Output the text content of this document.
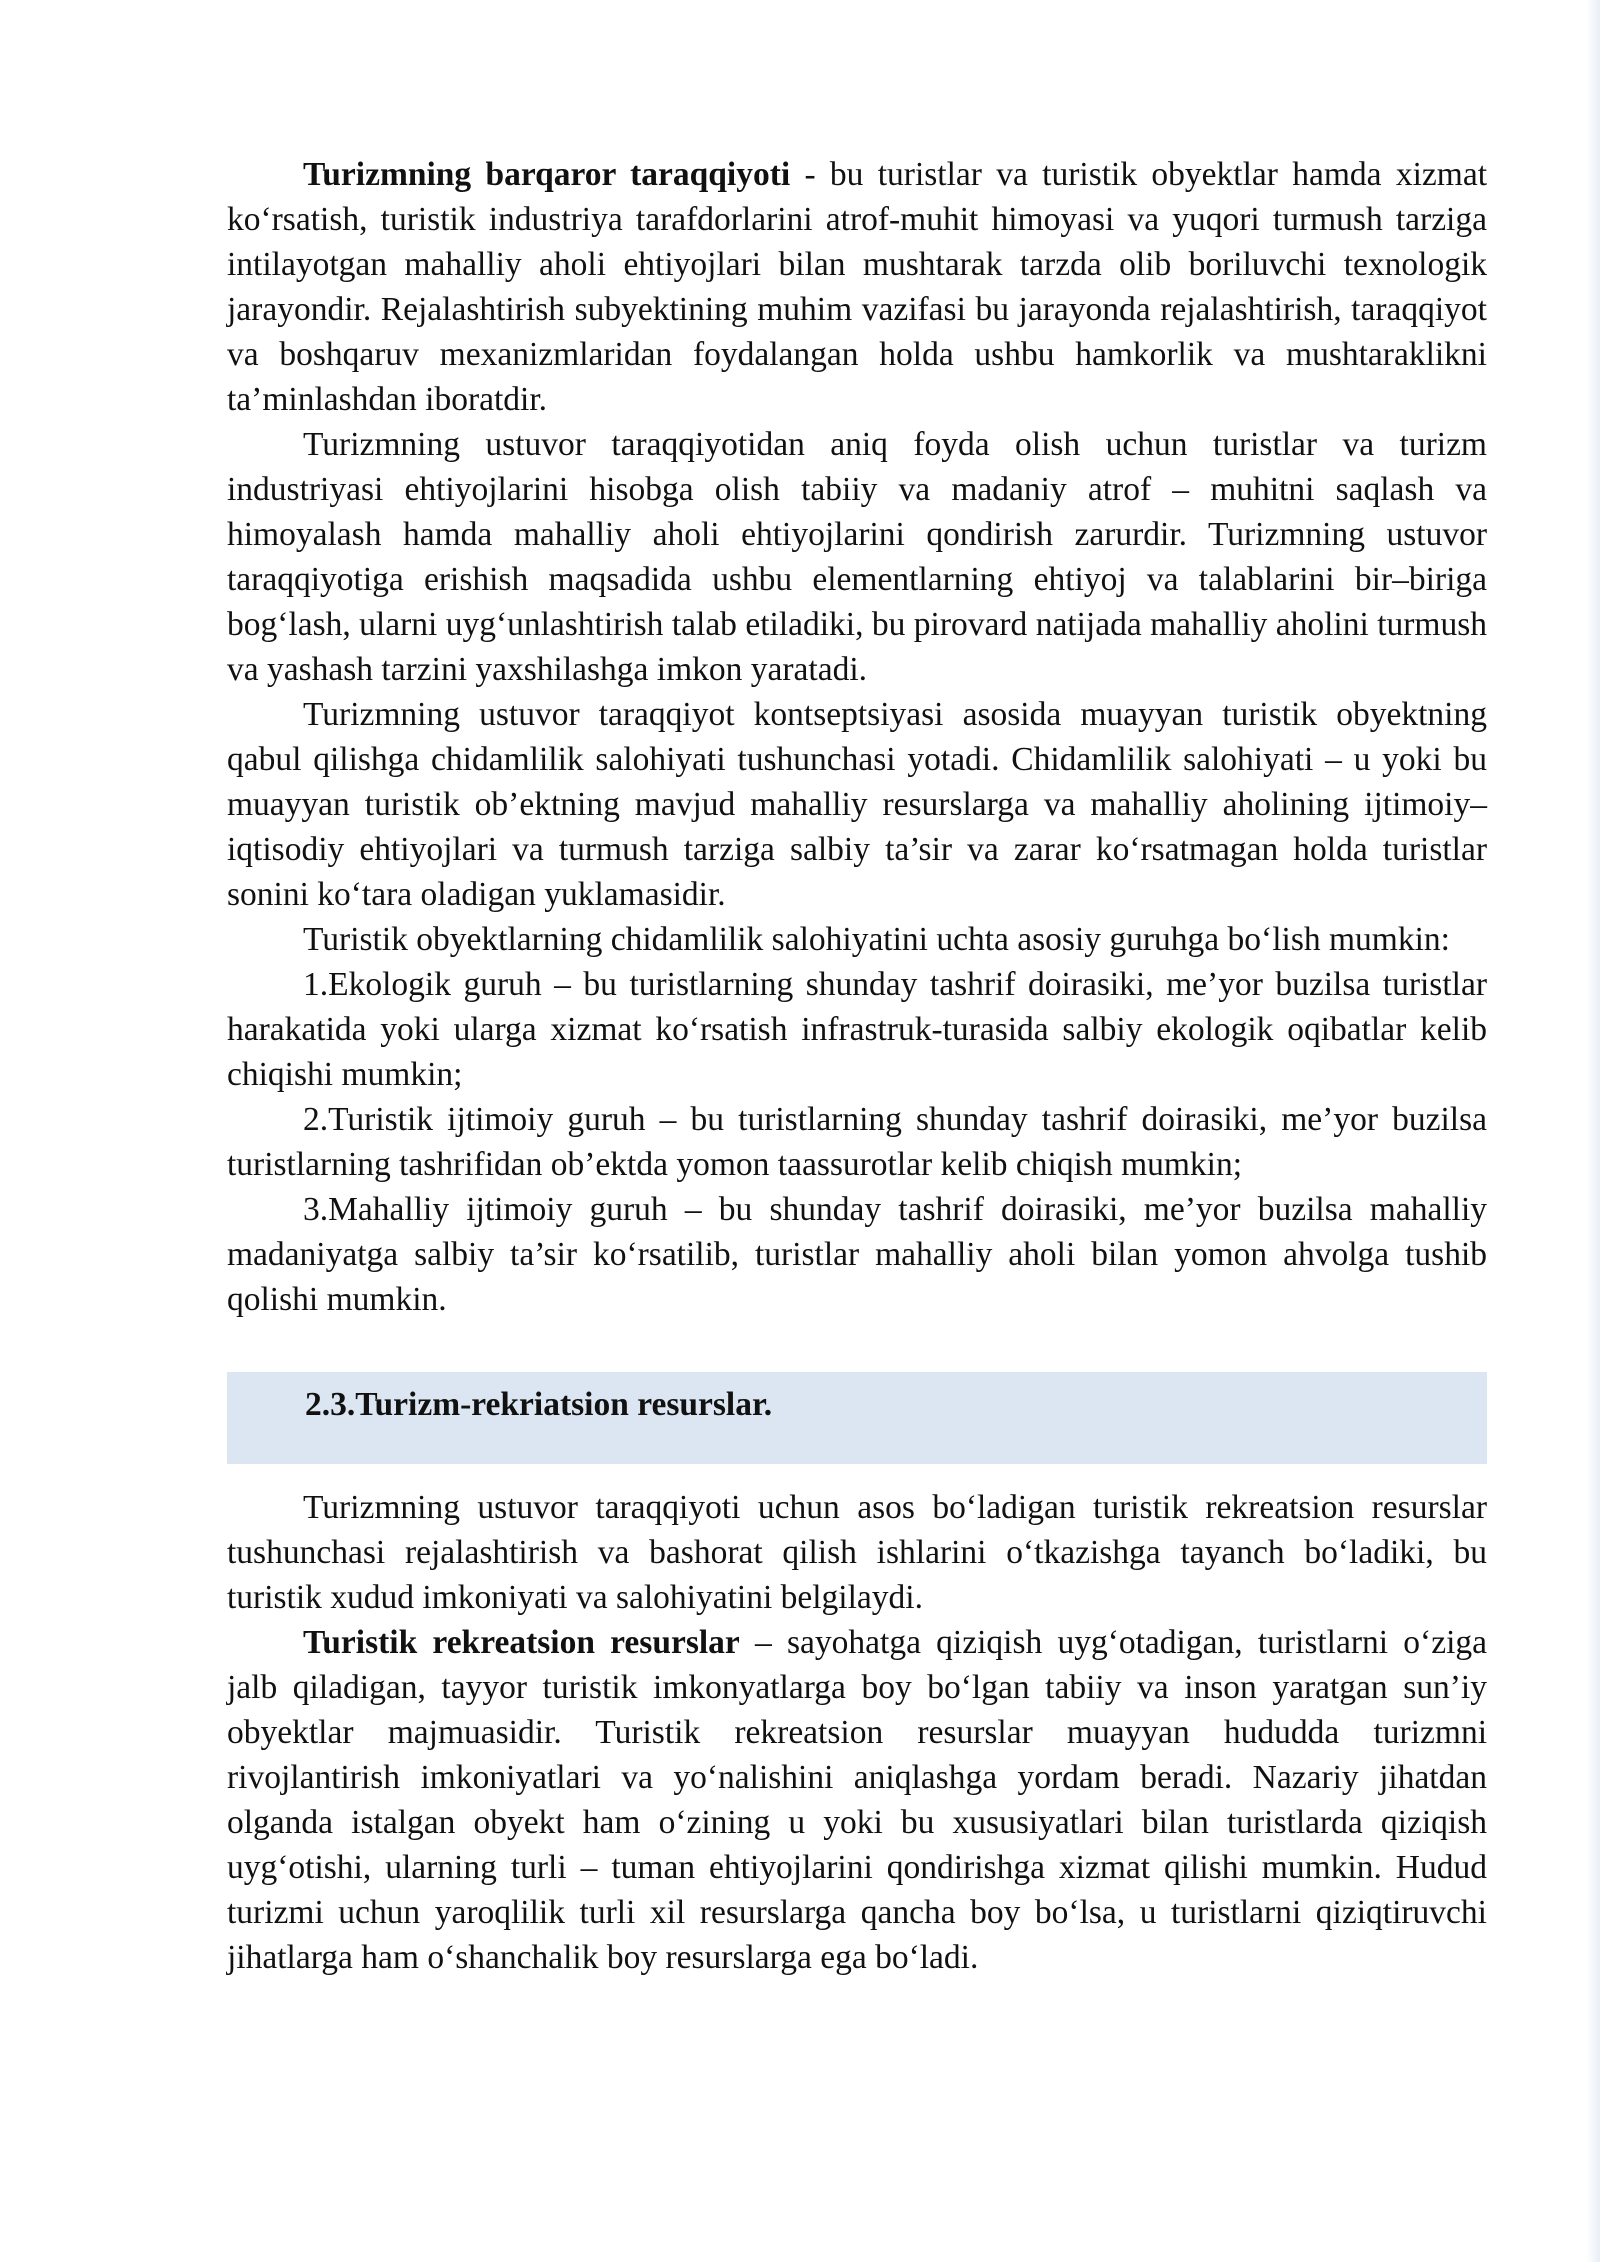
Turizmning barqaror taraqqiyoti - bu turistlar va turistik obyektlar hamda xizmat ko‘rsatish, turistik industriya tarafdorlarini atrof-muhit himoyasi va yuqori turmush tarziga intilayotgan mahalliy aholi ehtiyojlari bilan mushtarak tarzda olib boriluvchi texnologik jarayondir. Rejalashtirish subyektining muhim vazifasi bu jarayonda rejalashtirish, taraqqiyot va boshqaruv mexanizmlaridan foydalangan holda ushbu hamkorlik va mushtaraklikni ta’minlashdan iboratdir.

Turizmning ustuvor taraqqiyotidan aniq foyda olish uchun turistlar va turizm industriyasi ehtiyojlarini hisobga olish tabiiy va madaniy atrof – muhitni saqlash va himoyalash hamda mahalliy aholi ehtiyojlarini qondirish zarurdir. Turizmning ustuvor taraqqiyotiga erishish maqsadida ushbu elementlarning ehtiyoj va talablarini bir–biriga bog‘lash, ularni uyg‘unlashtirish talab etiladiki, bu pirovard natijada mahalliy aholini turmush va yashash tarzini yaxshilashga imkon yaratadi.

Turizmning ustuvor taraqqiyot kontseptsiyasi asosida muayyan turistik obyektning qabul qilishga chidamlilik salohiyati tushunchasi yotadi. Chidamlilik salohiyati – u yoki bu muayyan turistik ob’ektning mavjud mahalliy resurslarga va mahalliy aholining ijtimoiy–iqtisodiy ehtiyojlari va turmush tarziga salbiy ta’sir va zarar ko‘rsatmagan holda turistlar sonini ko‘tara oladigan yuklamasidir.

Turistik obyektlarning chidamlilik salohiyatini uchta asosiy guruhga bo‘lish mumkin:

1.Ekologik guruh – bu turistlarning shunday tashrif doirasiki, me’yor buzilsa turistlar harakatida yoki ularga xizmat ko‘rsatish infrastruk-turasida salbiy ekologik oqibatlar kelib chiqishi mumkin;

2.Turistik ijtimoiy guruh – bu turistlarning shunday tashrif doirasiki, me’yor buzilsa turistlarning tashrifidan ob’ektda yomon taassurotlar kelib chiqish mumkin;

3.Mahalliy ijtimoiy guruh – bu shunday tashrif doirasiki, me’yor buzilsa mahalliy madaniyatga salbiy ta’sir ko‘rsatilib, turistlar mahalliy aholi bilan yomon ahvolga tushib qolishi mumkin.

2.3.Turizm-rekriatsion resurslar.

Turizmning ustuvor taraqqiyoti uchun asos bo‘ladigan turistik rekreatsion resurslar tushunchasi rejalashtirish va bashorat qilish ishlarini o‘tkazishga tayanch bo‘ladiki, bu turistik xudud imkoniyati va salohiyatini belgilaydi.

Turistik rekreatsion resurslar – sayohatga qiziqish uyg‘otadigan, turistlarni o‘ziga jalb qiladigan, tayyor turistik imkonyatlarga boy bo‘lgan tabiiy va inson yaratgan sun’iy obyektlar majmuasidir. Turistik rekreatsion resurslar muayyan hududda turizmni rivojlantirish imkoniyatlari va yo‘nalishini aniqlashga yordam beradi. Nazariy jihatdan olganda istalgan obyekt ham o‘zining u yoki bu xususiyatlari bilan turistlarda qiziqish uyg‘otishi, ularning turli – tuman ehtiyojlarini qondirishga xizmat qilishi mumkin. Hudud turizmi uchun yaroqlilik turli xil resurslarga qancha boy bo‘lsa, u turistlarni qiziqtiruvchi jihatlarga ham o‘shanchalik boy resurslarga ega bo‘ladi.
